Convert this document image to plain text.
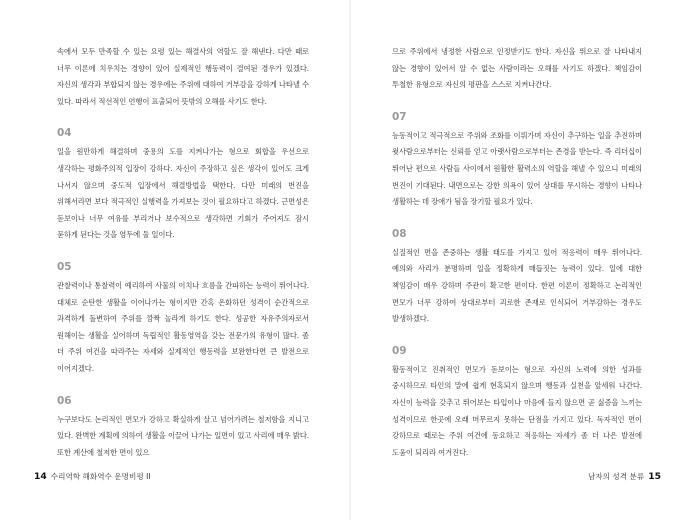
속에서 모두 만족할 수 있는 요령 있는 해결사의 역할도 잘 해낸다. 다만 때로 너무 이론에 치우치는 경향이 있어 실제적인 행동력이 결여된 경우가 있겠다. 자신의 생각과 부합되지 않는 경우에는 주위에 대하여 거부감을 강하게 나타낼 수 있다. 따라서 적선적인 언행이 표출되어 뜻밖의 오해를 사기도 한다.

04

일을 원만하게 해결하며 중용의 도를 지켜나가는 형으로 회합을 우선으로 생각하는 평화주의적 입장이 강하다. 자신이 주장하고 싶은 생각이 있어도 크게 나서지 않으며 중도적 입장에서 해결방법을 택한다. 다만 미래의 번진을 위해서라면 보다 적극적인 실행력을 가져보는 것이 필요하다고 하겠다. 근면성은 돋보이나 너무 여유를 부리거나 보수적으로 생각하면 기회가 주어져도 잠시 묻하게 된다는 것을 염두에 둘 일이다.

05

관찰력이나 통찰력이 예리하여 사물의 이치나 흐름을 간파하는 능력이 뛰어나다. 대체로 순탄한 생활을 이어나가는 형이지만 간혹 온화하던 성격이 순간적으로 과격하게 돌변하여 주위를 깜짝 놀라게 하기도 한다. 성공한 자유주의자로서 원해이는 생활을 실어하며 독립적인 활동영역을 갖는 전문가의 유형이 많다. 좀 더 주위 여건을 따라주는 자세와 실제적인 행동력을 보완한다면 큰 발전으로 이어지겠다.

06

누구보다도 논리적인 면모가 강하고 확실하게 살고 넘어가려는 철저함을 지니고 있다. 완벽한 계획에 의하여 생활을 이끌어 나가는 일면이 있고 사리에 매우 밝다. 또한 계산에 철저한 면이 있으

므로 주위에서 냉정한 사람으로 인정받기도 한다. 자신을 뛰으로 잘 나타내지 않는 경향이 있어서 알 수 없는 사람이라는 오해를 사기도 하겠다. 책임감이 투철한 유형으로 자신의 평판을 스스로 지켜나간다.

07

능동적이고 적극적으로 주위와 조화를 이뤄가며 자신이 추구하는 일을 추진하며 윗사람으로부터는 신뢰를 얻고 아랫사람으로부터는 존경을 받는다. 즉 리더십이 뛰어난 편으로 사람들 사이에서 원활한 활력소의 역할을 해낼 수 있으니 미래의 번진이 기대된다. 내면으로는 강한 의욕이 있어 상대를 무시하는 경향이 나타나 생활하는 데 장애가 됨을 장기할 필요가 있다.

08

실질적인 면을 존중하는 생활 태도를 가지고 있어 적응력이 매우 뛰어나다. 예의와 사리가 분명하며 일을 정확하게 매듭짓는 능력이 있다. 일에 대한 책임감이 매우 강하며 주관이 확고한 편이다. 한편 이론이 정확하고 논리적인 면모가 너무 강하여 상대로부터 괴로한 존재로 인식되어 거부감하는 경우도 발생하겠다.

09

활동적이고 진취적인 면모가 돋보이는 형으로 자신의 노력에 의한 성과를 중시하므로 타인의 말에 쉽게 현혹되지 않으며 행동과 실천을 앞세워 나간다. 자신이 능력을 갖추고 뛰어보는 타입이나 마음에 들지 않으면 곧 싫증을 느끼는 성격이므로 한곳에 오래 머무르지 못하는 단점을 가지고 있다. 독자적인 면이 강하므로 때로는 주위 여건에 동요하고 적응하는 자세가 좀 더 나은 발전에 도움이 되리라 여겨진다.

14 수리역학 해화역수 운명비평 II	남자의 성격 분류 15
